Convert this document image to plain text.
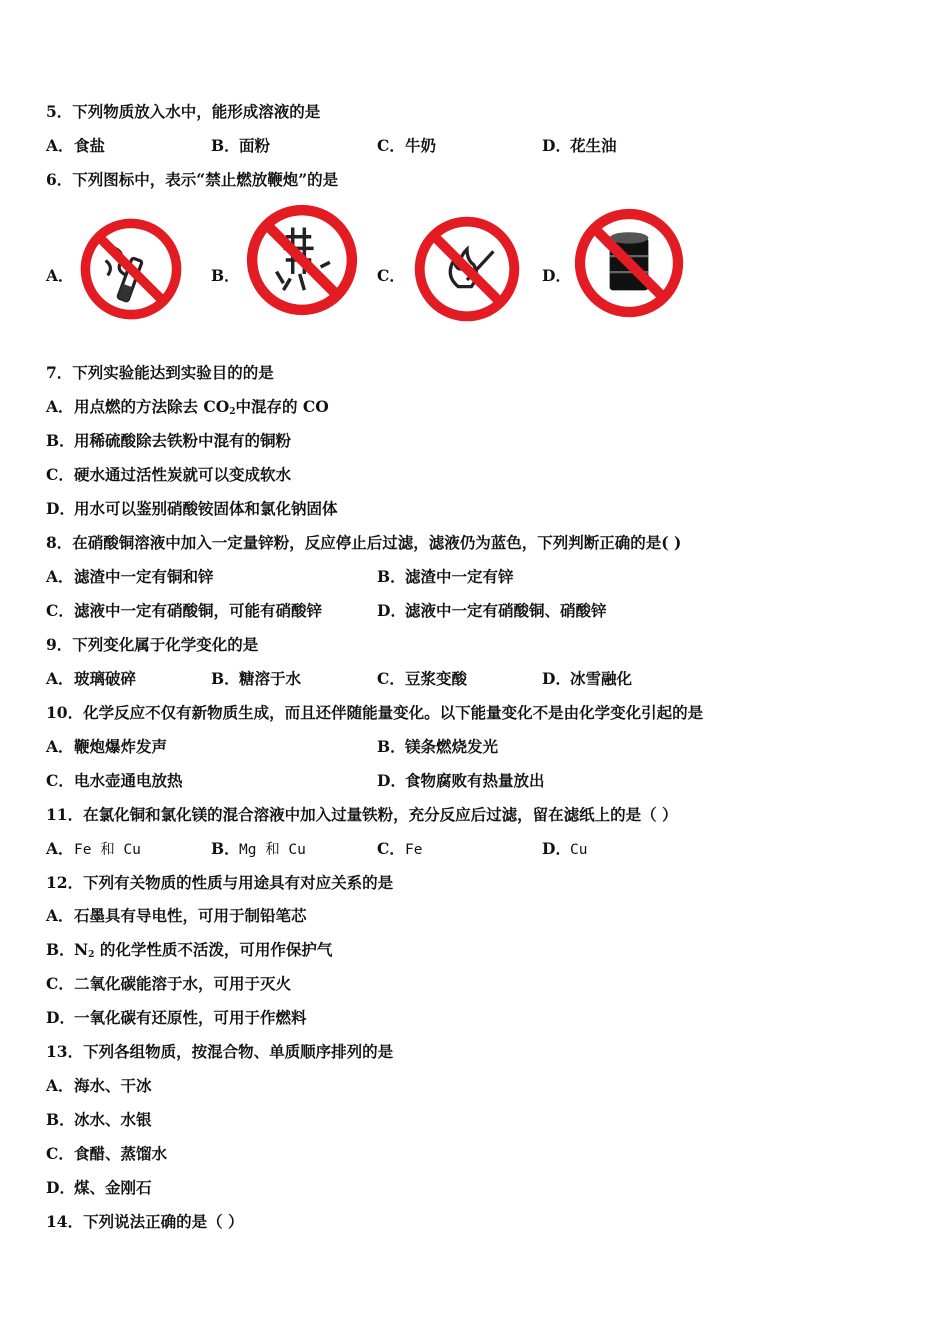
5．下列物质放入水中，能形成溶液的是
A．食盐	B．面粉	C．牛奶	D．花生油
6．下列图标中，表示“禁止燃放鞭炮”的是
A．	B．	C．	D．
7．下列实验能达到实验目的的是
A．用点燃的方法除去 $CO_2$中混存的 CO
B．用稀硫酸除去铁粉中混有的铜粉
C．硬水通过活性炭就可以变成软水
D．用水可以鉴别硝酸铵固体和氯化钠固体
8．在硝酸铜溶液中加入一定量锌粉，反应停止后过滤，滤液仍为蓝色，下列判断正确的是( )
A．滤渣中一定有铜和锌	B．滤渣中一定有锌
C．滤液中一定有硝酸铜，可能有硝酸锌	D．滤液中一定有硝酸铜、硝酸锌
9．下列变化属于化学变化的是
A．玻璃破碎	B．糖溶于水	C．豆浆变酸	D．冰雪融化
10．化学反应不仅有新物质生成，而且还伴随能量变化。以下能量变化不是由化学变化引起的是
A．鞭炮爆炸发声	B．镁条燃烧发光
C．电水壶通电放热	D．食物腐败有热量放出
11．在氯化铜和氯化镁的混合溶液中加入过量铁粉，充分反应后过滤，留在滤纸上的是（ ）
A．Fe 和 Cu	B．Mg 和 Cu	C．Fe	D．Cu
12．下列有关物质的性质与用途具有对应关系的是
A．石墨具有导电性，可用于制铅笔芯
B．$N_2$ 的化学性质不活泼，可用作保护气
C．二氧化碳能溶于水，可用于灭火
D．一氧化碳有还原性，可用于作燃料
13．下列各组物质，按混合物、单质顺序排列的是
A．海水、干冰
B．冰水、水银
C．食醋、蒸馏水
D．煤、金刚石
14．下列说法正确的是（ ）
